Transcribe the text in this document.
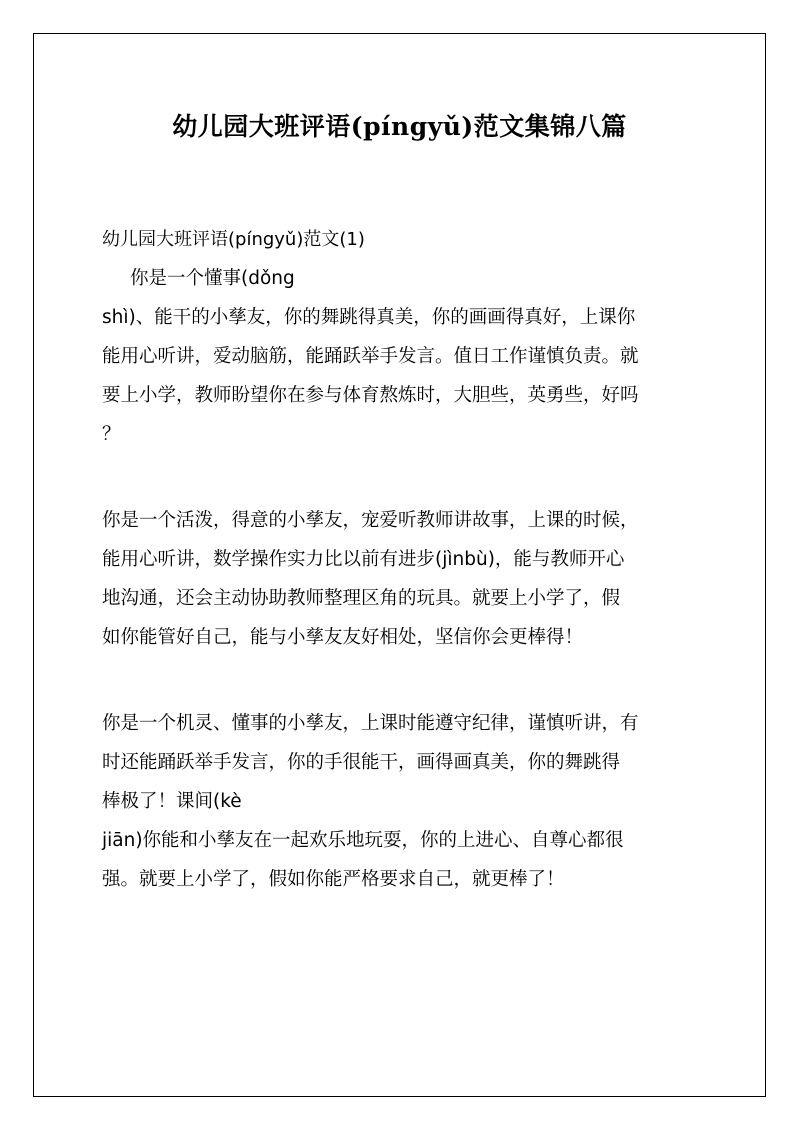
幼儿园大班评语(píngyǔ)范文集锦八篇
幼儿园大班评语(píngyǔ)范文(1)
你是一个懂事(dǒng
shì)、能干的小孳友，你的舞跳得真美，你的画画得真好，上课你
能用心听讲，爱动脑筋，能踊跃举手发言。值日工作谨慎负责。就
要上小学，教师盼望你在参与体育熬炼时，大胆些，英勇些，好吗
？
你是一个活泼，得意的小孳友，宠爱听教师讲故事，上课的时候，
能用心听讲，数学操作实力比以前有进步(jìnbù)，能与教师开心
地沟通，还会主动协助教师整理区角的玩具。就要上小学了，假
如你能管好自己，能与小孳友友好相处，坚信你会更棒得！
你是一个机灵、懂事的小孳友，上课时能遵守纪律，谨慎听讲，有
时还能踊跃举手发言，你的手很能干，画得画真美，你的舞跳得
棒极了！课间(kè
jiān)你能和小孳友在一起欢乐地玩耍，你的上进心、自尊心都很
强。就要上小学了，假如你能严格要求自己，就更棒了！
